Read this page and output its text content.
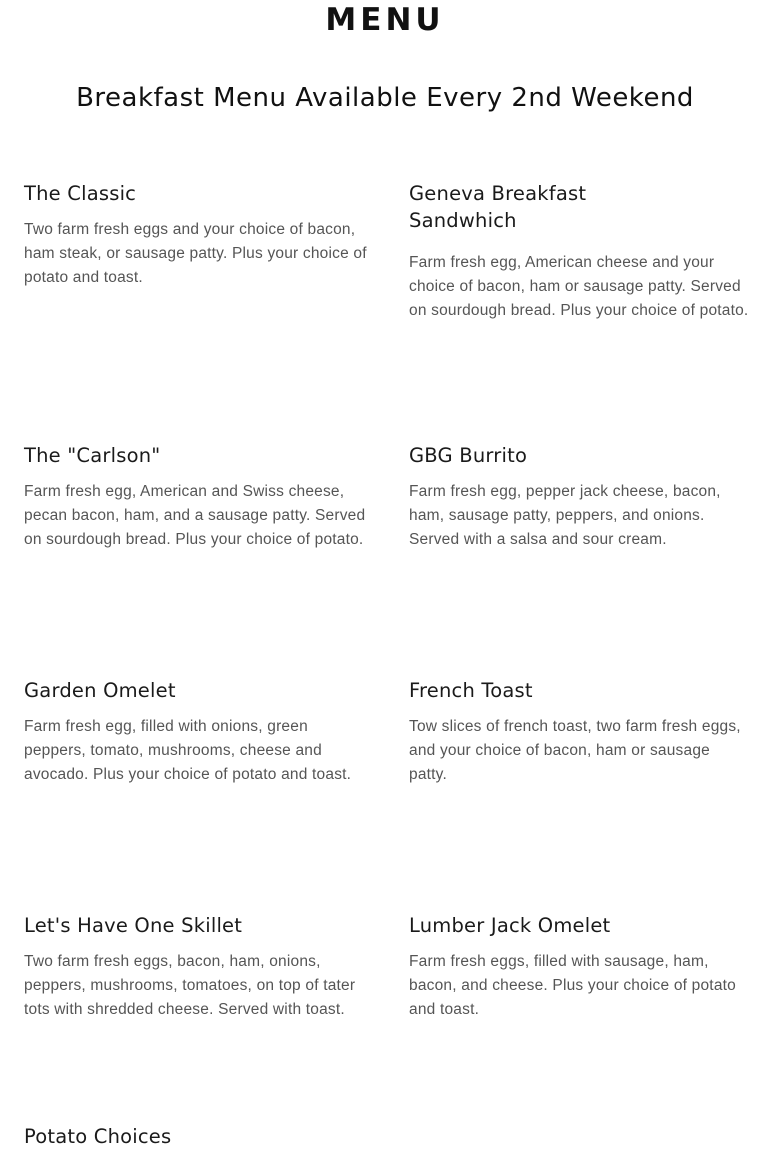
MENU
Breakfast Menu Available Every 2nd Weekend
The Classic

Two farm fresh eggs and your choice of bacon, ham steak, or sausage patty. Plus your choice of potato and toast.

Geneva Breakfast Sandwhich

Farm fresh egg, American cheese and your choice of bacon, ham or sausage patty. Served on sourdough bread. Plus your choice of potato.

The "Carlson"

Farm fresh egg, American and Swiss cheese, pecan bacon, ham, and a sausage patty. Served on sourdough bread. Plus your choice of potato.

GBG Burrito

Farm fresh egg, pepper jack cheese, bacon, ham, sausage patty, peppers, and onions. Served with a salsa and sour cream.

Garden Omelet

Farm fresh egg, filled with onions, green peppers, tomato, mushrooms, cheese and avocado. Plus your choice of potato and toast.

French Toast

Tow slices of french toast, two farm fresh eggs, and your choice of bacon, ham or sausage patty.

Let's Have One Skillet

Two farm fresh eggs, bacon, ham, onions, peppers, mushrooms, tomatoes, on top of tater tots with shredded cheese. Served with toast.

Lumber Jack Omelet

Farm fresh eggs, filled with sausage, ham, bacon, and cheese. Plus your choice of potato and toast.

Potato Choices
